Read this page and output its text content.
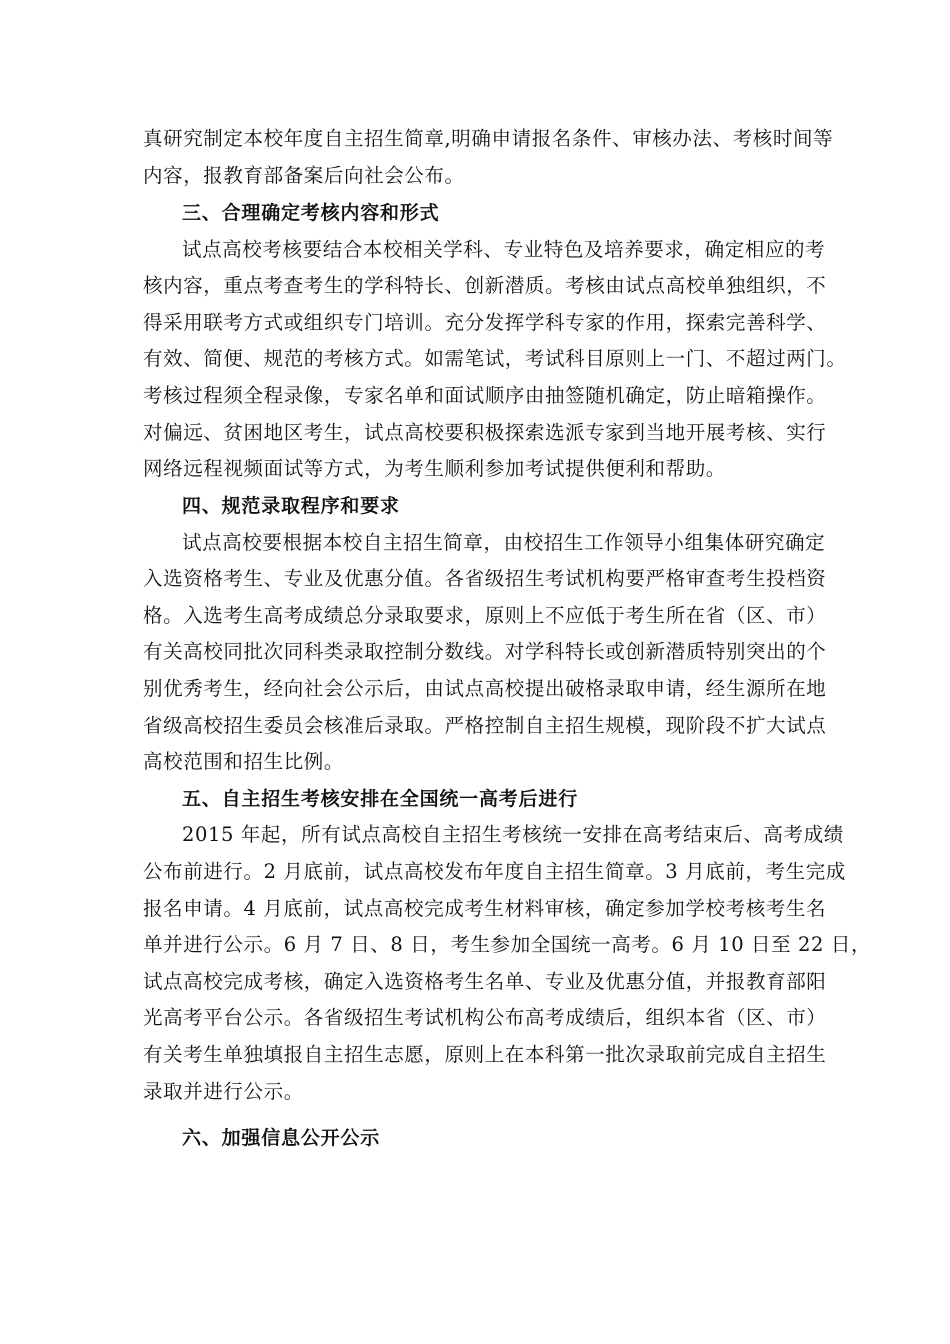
真研究制定本校年度自主招生简章,明确申请报名条件、审核办法、考核时间等

内容，报教育部备案后向社会公布。

三、合理确定考核内容和形式

试点高校考核要结合本校相关学科、专业特色及培养要求，确定相应的考

核内容，重点考查考生的学科特长、创新潜质。考核由试点高校单独组织，不

得采用联考方式或组织专门培训。充分发挥学科专家的作用，探索完善科学、

有效、简便、规范的考核方式。如需笔试，考试科目原则上一门、不超过两门。

考核过程须全程录像，专家名单和面试顺序由抽签随机确定，防止暗箱操作。

对偏远、贫困地区考生，试点高校要积极探索选派专家到当地开展考核、实行

网络远程视频面试等方式，为考生顺利参加考试提供便利和帮助。

四、规范录取程序和要求

试点高校要根据本校自主招生简章，由校招生工作领导小组集体研究确定

入选资格考生、专业及优惠分值。各省级招生考试机构要严格审查考生投档资

格。入选考生高考成绩总分录取要求，原则上不应低于考生所在省（区、市）

有关高校同批次同科类录取控制分数线。对学科特长或创新潜质特别突出的个

别优秀考生，经向社会公示后，由试点高校提出破格录取申请，经生源所在地

省级高校招生委员会核准后录取。严格控制自主招生规模，现阶段不扩大试点

高校范围和招生比例。

五、自主招生考核安排在全国统一高考后进行

2015 年起，所有试点高校自主招生考核统一安排在高考结束后、高考成绩

公布前进行。2 月底前，试点高校发布年度自主招生简章。3 月底前，考生完成

报名申请。4 月底前，试点高校完成考生材料审核，确定参加学校考核考生名

单并进行公示。6 月 7 日、8 日，考生参加全国统一高考。6 月 10 日至 22 日，

试点高校完成考核，确定入选资格考生名单、专业及优惠分值，并报教育部阳

光高考平台公示。各省级招生考试机构公布高考成绩后，组织本省（区、市）

有关考生单独填报自主招生志愿，原则上在本科第一批次录取前完成自主招生

录取并进行公示。

六、加强信息公开公示
